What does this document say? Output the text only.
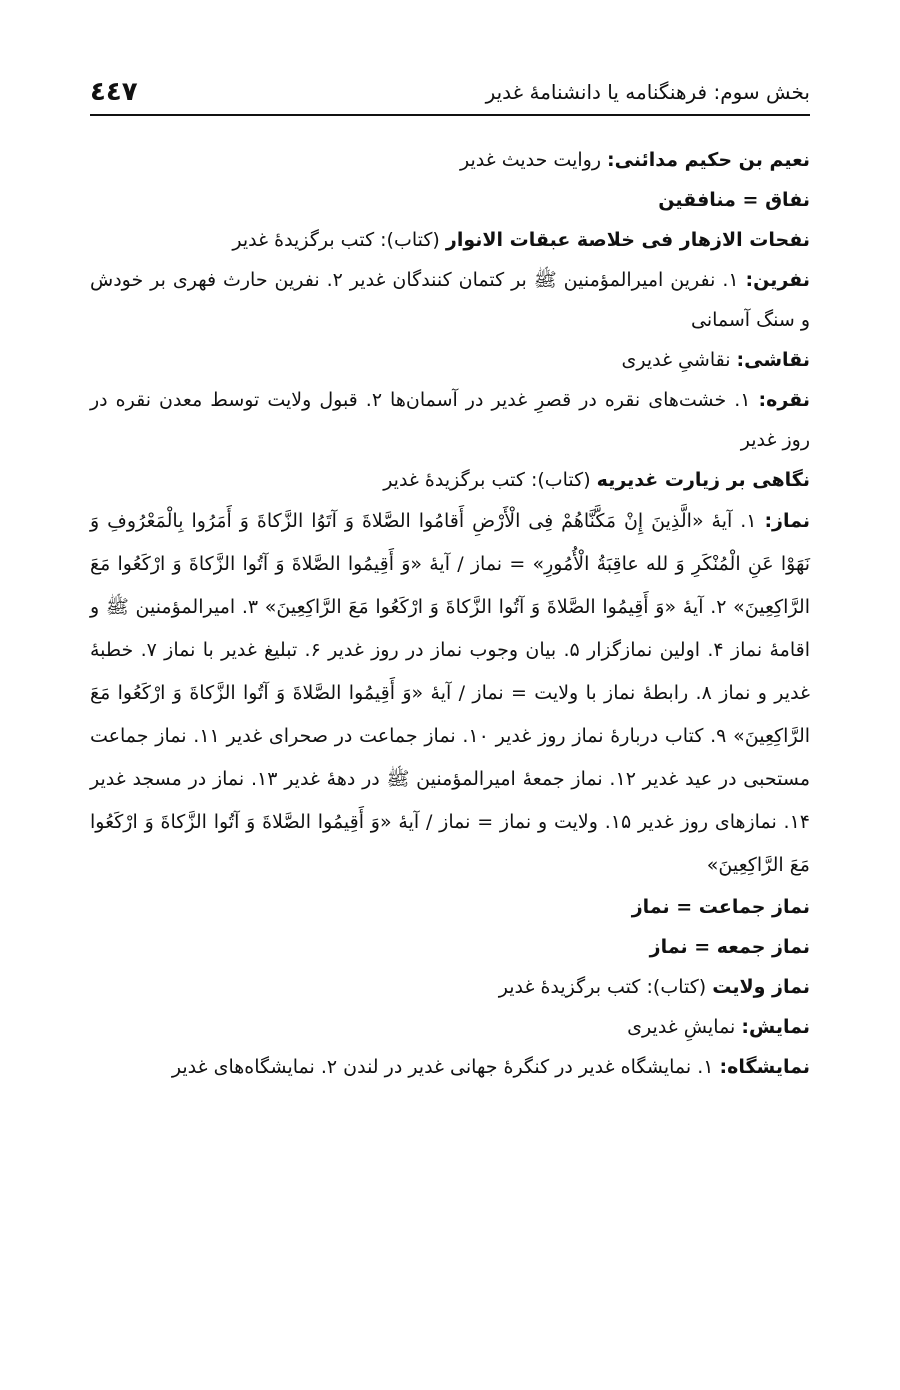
بخش سوم: فرهنگنامه یا دانشنامهٔ غدیر
٤٤٧

نعیم بن حکیم مدائنی: روایت حدیث غدیر

نفاق = منافقین

نفحات الازهار فی خلاصة عبقات الانوار (کتاب): کتب برگزیدهٔ غدیر

نفرین: ۱. نفرین امیرالمؤمنین ﷺ بر کتمان کنندگان غدیر ۲. نفرین حارث فهری بر خودش و سنگ آسمانی

نقاشی: نقاشیِ غدیری

نقره: ۱. خشت‌های نقره در قصرِ غدیر در آسمان‌ها ۲. قبول ولایت توسط معدن نقره در روز غدیر

نگاهی بر زیارت غدیریه (کتاب): کتب برگزیدهٔ غدیر

نماز: ۱. آیهٔ «الَّذِینَ إِنْ مَکَّنَّاهُمْ فِی الْأَرْضِ أَقامُوا الصَّلاةَ وَ آتَوُا الزَّکاةَ وَ أَمَرُوا بِالْمَعْرُوفِ وَ نَهَوْا عَنِ الْمُنْکَرِ وَ لله عاقِبَةُ الْأُمُورِ» = نماز / آیهٔ «وَ أَقِیمُوا الصَّلاةَ وَ آتُوا الزَّکاةَ وَ ارْکَعُوا مَعَ الرَّاکِعِینَ» ۲. آیهٔ «وَ أَقِیمُوا الصَّلاةَ وَ آتُوا الزَّکاةَ وَ ارْکَعُوا مَعَ الرَّاکِعِینَ» ۳. امیرالمؤمنین ﷺ و اقامهٔ نماز ۴. اولین نمازگزار ۵. بیان وجوب نماز در روز غدیر ۶. تبلیغ غدیر با نماز ۷. خطبهٔ غدیر و نماز ۸. رابطهٔ نماز با ولایت = نماز / آیهٔ «وَ أَقِیمُوا الصَّلاةَ وَ آتُوا الزَّکاةَ وَ ارْکَعُوا مَعَ الرَّاکِعِینَ» ۹. کتاب دربارهٔ نماز روز غدیر ۱۰. نماز جماعت در صحرای غدیر ۱۱. نماز جماعت مستحبی در عید غدیر ۱۲. نماز جمعهٔ امیرالمؤمنین ﷺ در دههٔ غدیر ۱۳. نماز در مسجد غدیر ۱۴. نمازهای روز غدیر ۱۵. ولایت و نماز = نماز / آیهٔ «وَ أَقِیمُوا الصَّلاةَ وَ آتُوا الزَّکاةَ وَ ارْکَعُوا مَعَ الرَّاکِعِینَ»

نماز جماعت = نماز

نماز جمعه = نماز

نماز ولایت (کتاب): کتب برگزیدهٔ غدیر

نمایش: نمایشِ غدیری

نمایشگاه: ۱. نمایشگاه غدیر در کنگرهٔ جهانی غدیر در لندن ۲. نمایشگاه‌های غدیر
